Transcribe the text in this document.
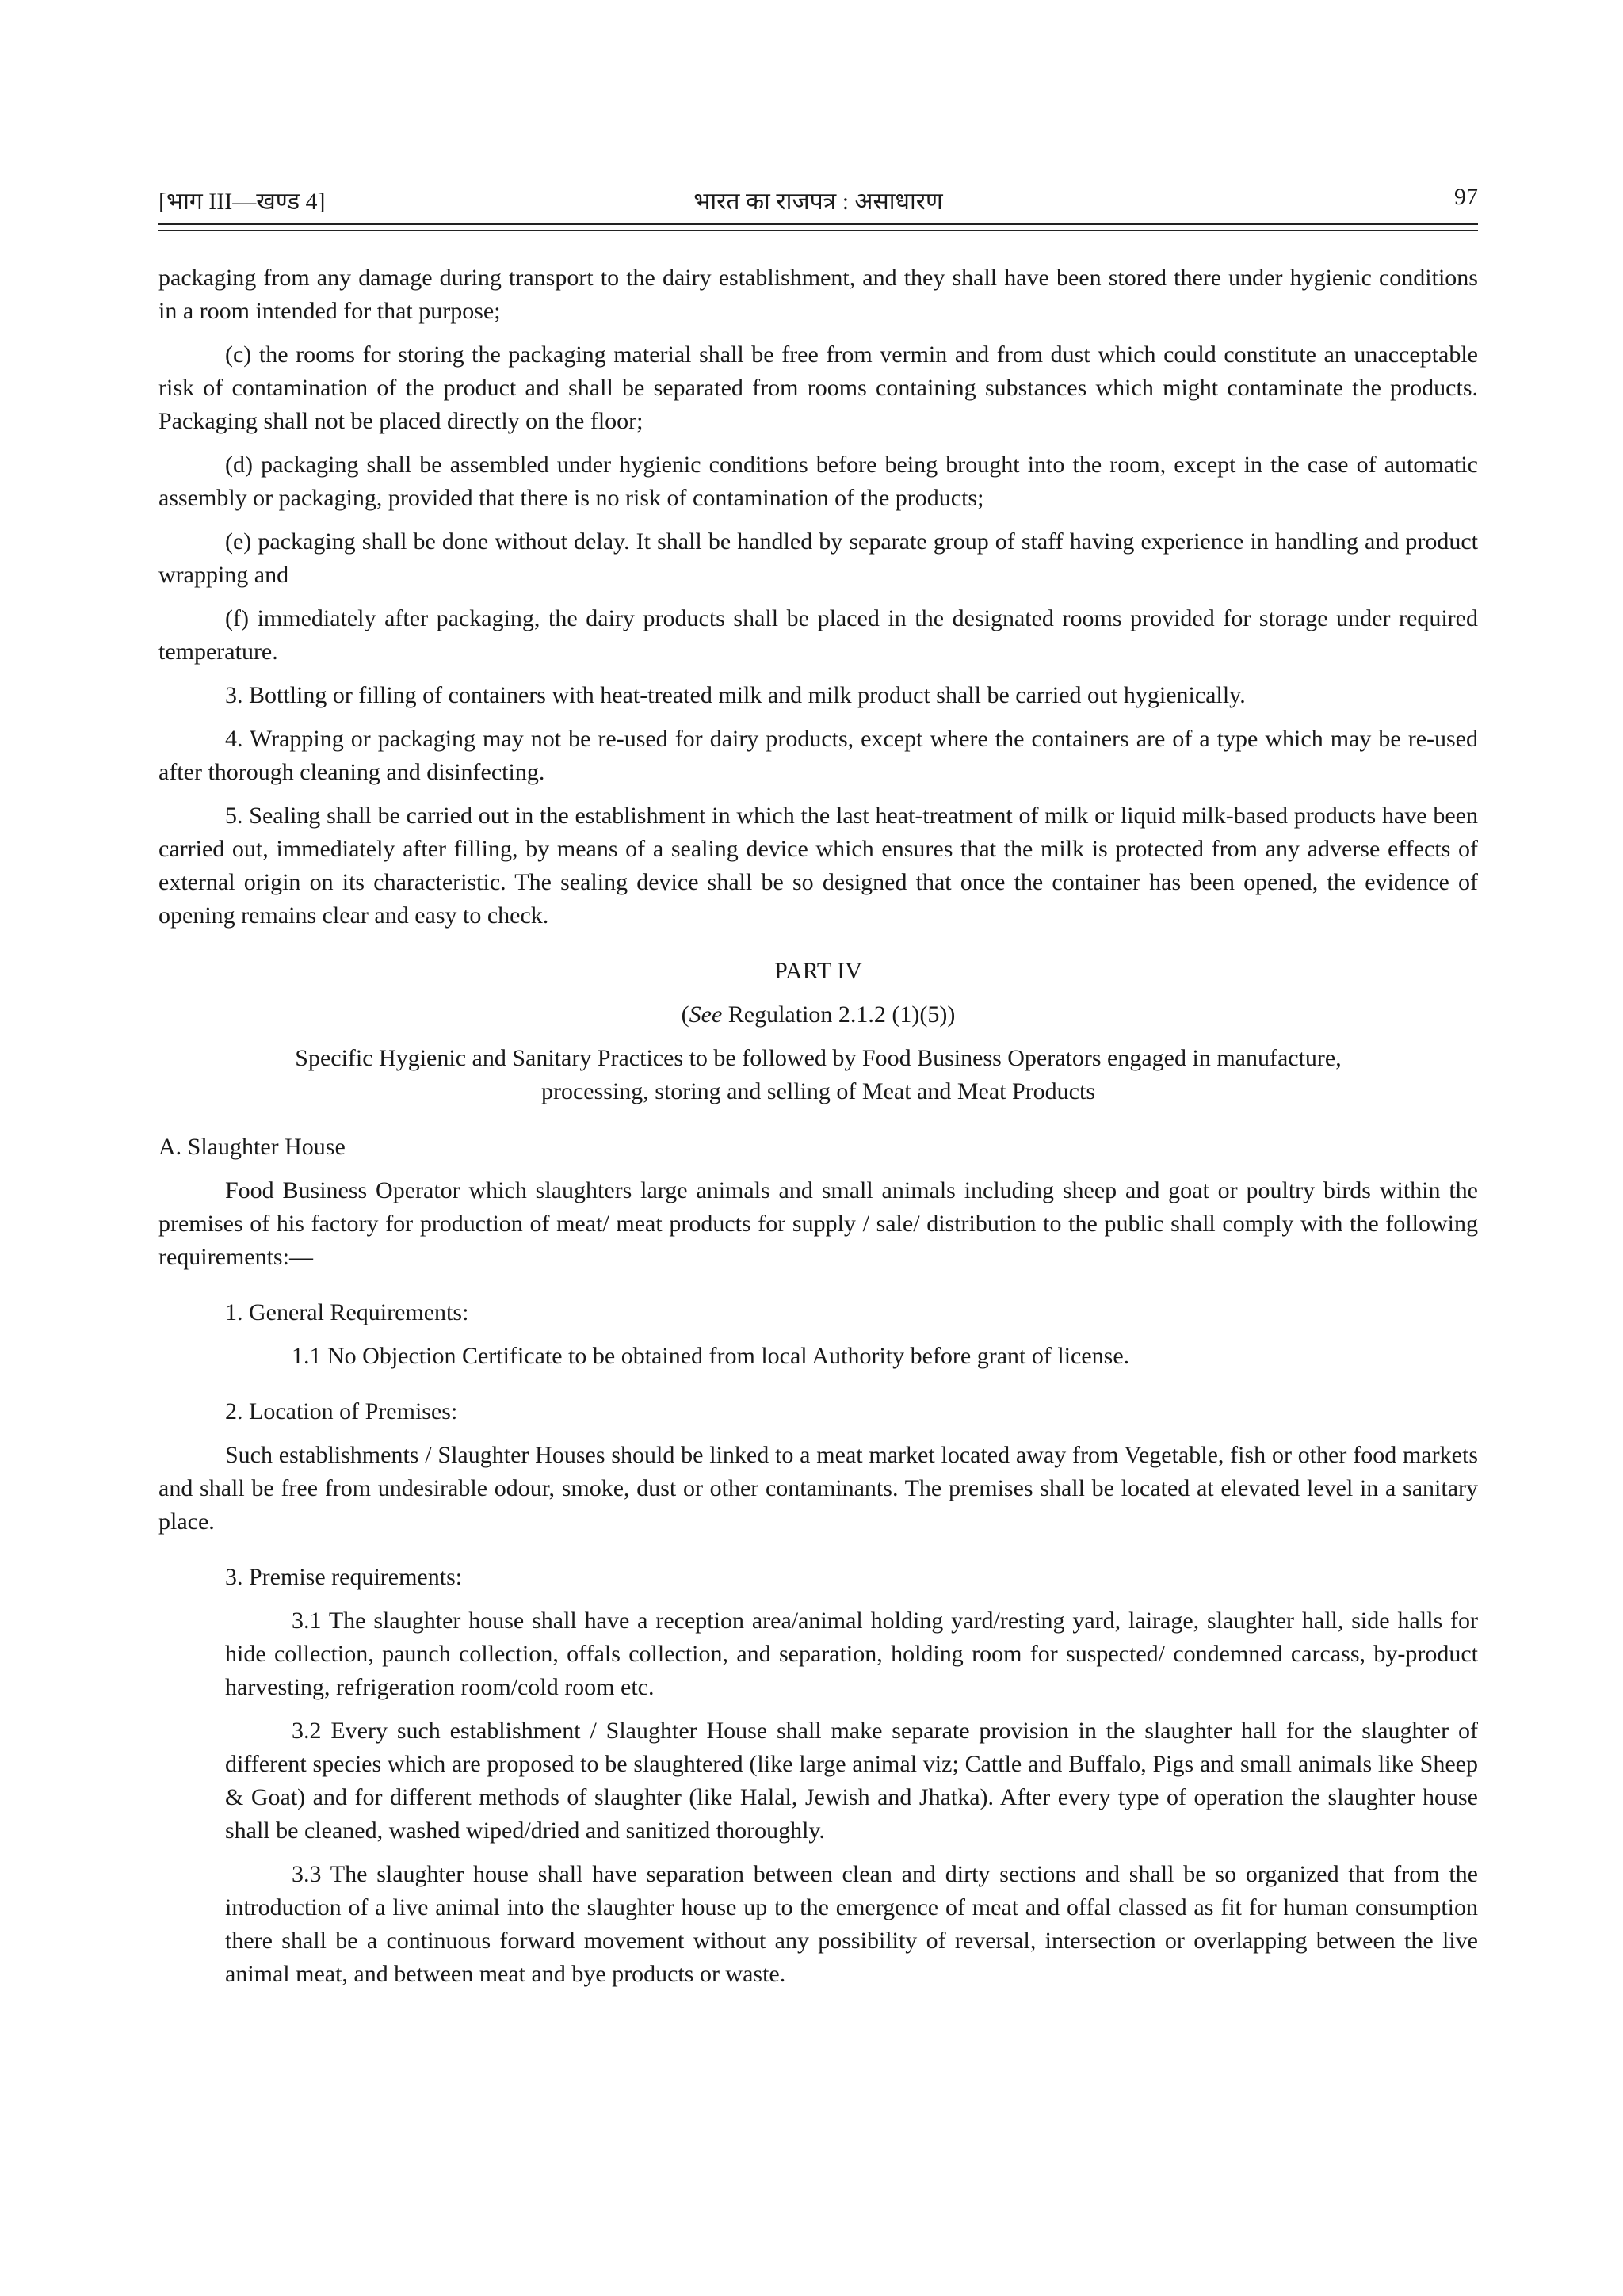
[भाग III—खण्ड 4]	भारत का राजपत्र : असाधारण	97

packaging from any damage during transport to the dairy establishment, and they shall have been stored there under hygienic conditions in a room intended for that purpose;

(c) the rooms for storing the packaging material shall be free from vermin and from dust which could constitute an unacceptable risk of contamination of the product and shall be separated from rooms containing substances which might contaminate the products. Packaging shall not be placed directly on the floor;

(d) packaging shall be assembled under hygienic conditions before being brought into the room, except in the case of automatic assembly or packaging, provided that there is no risk of contamination of the products;

(e) packaging shall be done without delay. It shall be handled by separate group of staff having experience in handling and product wrapping and

(f) immediately after packaging, the dairy products shall be placed in the designated rooms provided for storage under required temperature.

3. Bottling or filling of containers with heat-treated milk and milk product shall be carried out hygienically.

4. Wrapping or packaging may not be re-used for dairy products, except where the containers are of a type which may be re-used after thorough cleaning and disinfecting.

5. Sealing shall be carried out in the establishment in which the last heat-treatment of milk or liquid milk-based products have been carried out, immediately after filling, by means of a sealing device which ensures that the milk is protected from any adverse effects of external origin on its characteristic. The sealing device shall be so designed that once the container has been opened, the evidence of opening remains clear and easy to check.

PART IV

(See Regulation 2.1.2 (1)(5))

Specific Hygienic and Sanitary Practices to be followed by Food Business Operators engaged in manufacture,

processing, storing and selling of Meat and Meat Products

A. Slaughter House

Food Business Operator which slaughters large animals and small animals including sheep and goat or poultry birds within the premises of his factory for production of meat/ meat products for supply / sale/ distribution to the public shall comply with the following requirements:—

1. General Requirements:

1.1 No Objection Certificate to be obtained from local Authority before grant of license.

2. Location of Premises:

Such establishments / Slaughter Houses should be linked to a meat market located away from Vegetable, fish or other food markets and shall be free from undesirable odour, smoke, dust or other contaminants. The premises shall be located at elevated level in a sanitary place.

3. Premise requirements:

3.1 The slaughter house shall have a reception area/animal holding yard/resting yard, lairage, slaughter hall, side halls for hide collection, paunch collection, offals collection, and separation, holding room for suspected/ condemned carcass, by-product harvesting, refrigeration room/cold room etc.

3.2 Every such establishment / Slaughter House shall make separate provision in the slaughter hall for the slaughter of different species which are proposed to be slaughtered (like large animal viz; Cattle and Buffalo, Pigs and small animals like Sheep & Goat) and for different methods of slaughter (like Halal, Jewish and Jhatka). After every type of operation the slaughter house shall be cleaned, washed wiped/dried and sanitized thoroughly.

3.3 The slaughter house shall have separation between clean and dirty sections and shall be so organized that from the introduction of a live animal into the slaughter house up to the emergence of meat and offal classed as fit for human consumption there shall be a continuous forward movement without any possibility of reversal, intersection or overlapping between the live animal meat, and between meat and bye products or waste.
